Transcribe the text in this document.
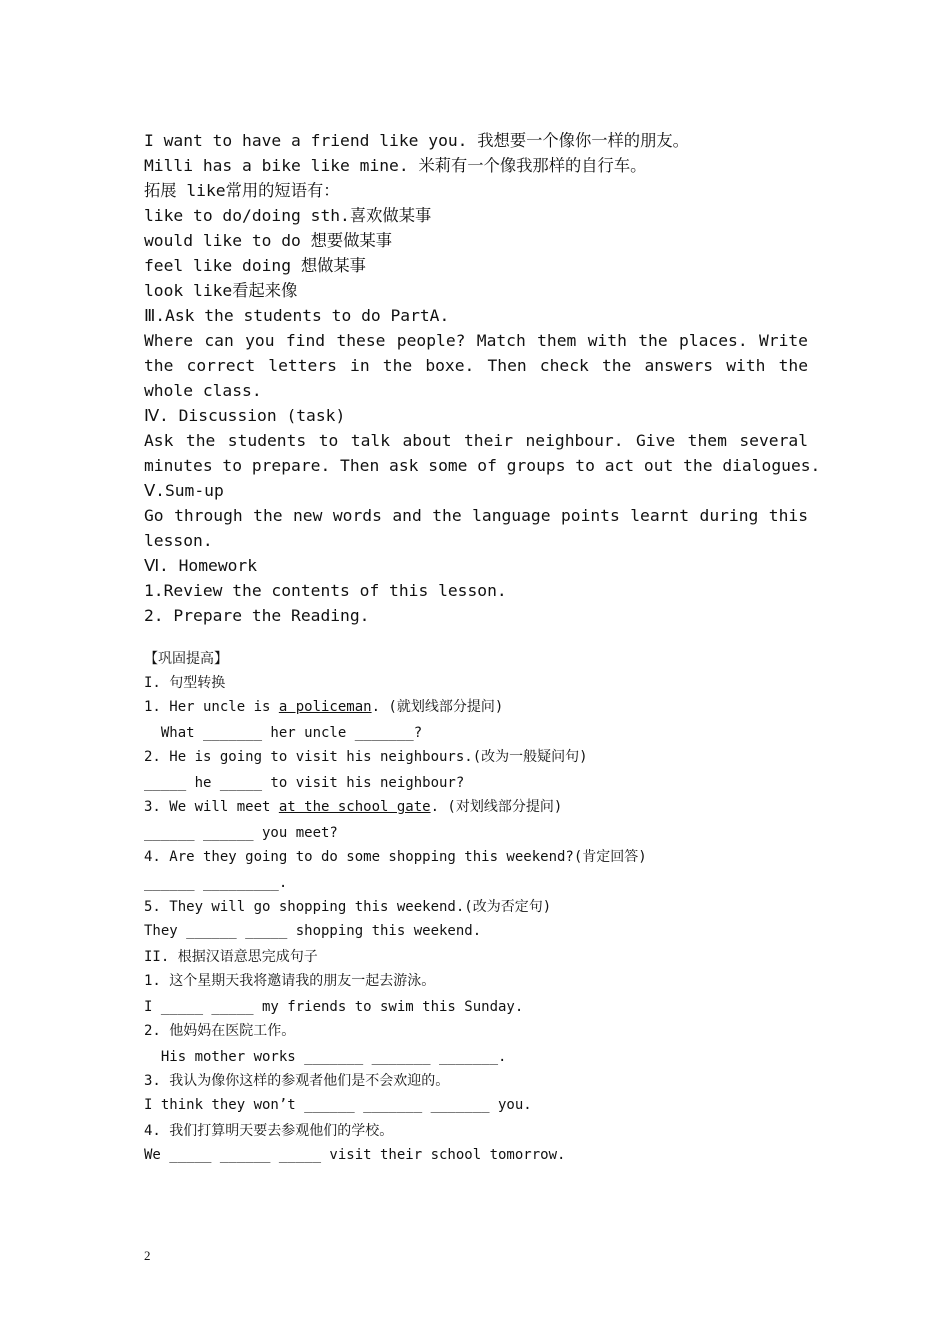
I want to have a friend like you. 我想要一个像你一样的朋友。
Milli has a bike like mine. 米莉有一个像我那样的自行车。
拓展 like常用的短语有：
like to do/doing sth.喜欢做某事
would like to do 想要做某事
feel like doing 想做某事
look like看起来像
Ⅲ.Ask the students to do PartA.
Where can you find these people? Match them with the places. Write
the correct letters in the boxe. Then check the answers with the
whole class.
Ⅳ. Discussion (task)
Ask the students to talk about their neighbour. Give them several
minutes to prepare. Then ask some of groups to act out the dialogues.
Ⅴ.Sum-up
Go through the new words and the language points learnt during this
lesson.
Ⅵ. Homework
1.Review the contents of this lesson.
2. Prepare the Reading.
【巩固提高】
I. 句型转换
1. Her uncle is a policeman. (就划线部分提问)
What _______ her uncle _______?
2. He is going to visit his neighbours.(改为一般疑问句)
_____ he _____ to visit his neighbour?
3. We will meet at the school gate. (对划线部分提问)
______ ______ you meet?
4. Are they going to do some shopping this weekend?(肯定回答)
______ _________.
5. They will go shopping this weekend.(改为否定句)
They ______ _____ shopping this weekend.
II. 根据汉语意思完成句子
1. 这个星期天我将邀请我的朋友一起去游泳。
I _____ _____ my friends to swim this Sunday.
2. 他妈妈在医院工作。
His mother works _______ _______ _______.
3. 我认为像你这样的参观者他们是不会欢迎的。
I think they won’t ______ _______ _______ you.
4. 我们打算明天要去参观他们的学校。
We _____ ______ _____ visit their school tomorrow.
2
